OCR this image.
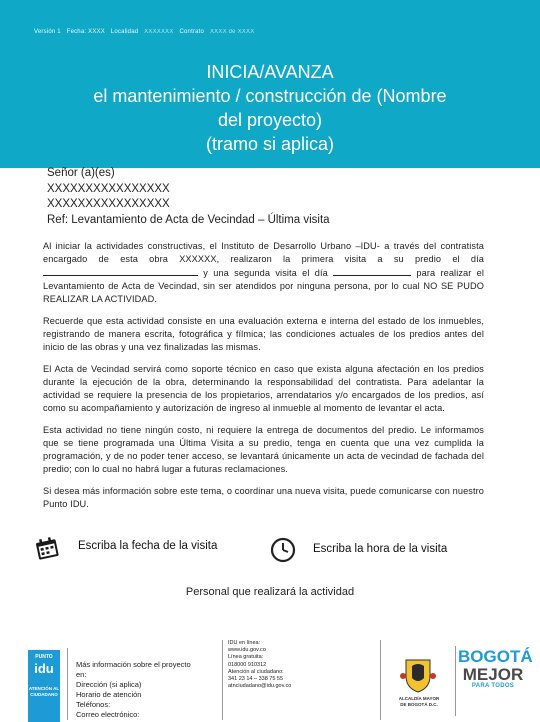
Versión 1 Fecha: XXXX Localidad XXXXXXX Contrato XXXX de XXXX
INICIA/AVANZA
el mantenimiento / construcción de (Nombre
del proyecto)
(tramo si aplica)
Señor (a)(es)
XXXXXXXXXXXXXXXX
XXXXXXXXXXXXXXXX
Ref: Levantamiento de Acta de Vecindad – Última visita

Al iniciar la actividades constructivas, el Instituto de Desarrollo Urbano –IDU- a través del contratista encargado de esta obra XXXXXX, realizaron la primera visita a su predio el día  y una segunda visita el día	para realizar el Levantamiento de Acta de Vecindad, sin ser atendidos por ninguna persona, por lo cual NO SE PUDO REALIZAR LA ACTIVIDAD.

Recuerde que esta actividad consiste en una evaluación externa e interna del estado de los inmuebles, registrando de manera escrita, fotográfica y fílmica; las condiciones actuales de los predios antes del inicio de las obras y una vez finalizadas las mismas.

El Acta de Vecindad servirá como soporte técnico en caso que exista alguna afectación en los predios durante la ejecución de la obra, determinando la responsabilidad del contratista. Para adelantar la actividad se requiere la presencia de los propietarios, arrendatarios y/o encargados de los predios, así como su acompañamiento y autorización de ingreso al inmueble al momento de levantar el acta.

Esta actividad no tiene ningún costo, ni requiere la entrega de documentos del predio. Le informamos que se tiene programada una Última Visita a su predio, tenga en cuenta que una vez cumplida la programación, y de no poder tener acceso, se levantará únicamente un acta de vecindad de fachada del predio; con lo cual no habrá lugar a futuras reclamaciones.

Si desea más información sobre este tema, o coordinar una nueva visita, puede comunicarse con nuestro Punto IDU.

Escriba la fecha de la visita	Escriba la hora de la visita
Personal que realizará la actividad
PUNTO
idu
ATENCIÓN AL CIUDADANO
Más información sobre el proyecto
en:
Dirección (si aplica)
Horario de atención
Teléfonos:
Correo electrónico:
IDU en línea:
www.idu.gov.co
Línea gratuita:
018000 910312
Atención al ciudadano:
341 23 14 – 338 75 55
atnciudadano@idu.gov.co
ALCALDÍA MAYOR
DE BOGOTÁ D.C.
BOGOTÁ
MEJOR
PARA TODOS
